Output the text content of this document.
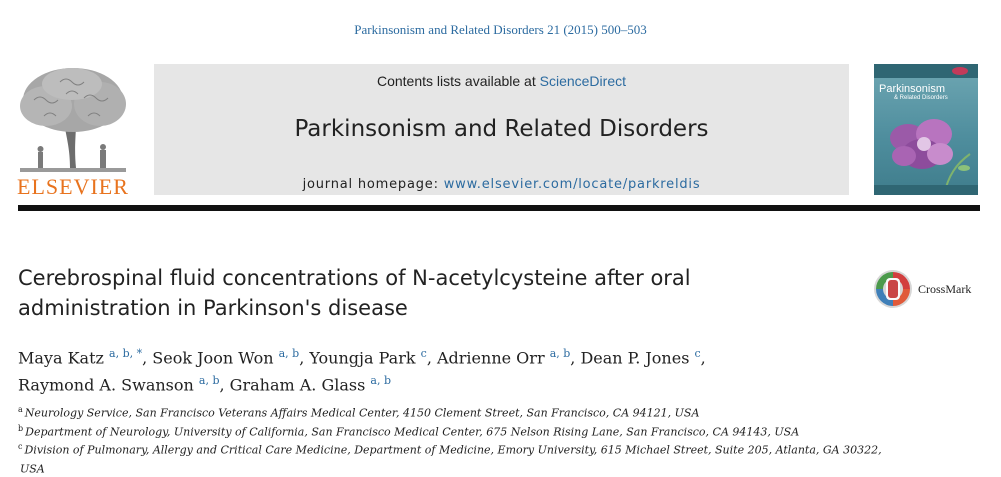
Parkinsonism and Related Disorders 21 (2015) 500–503
ELSEVIER
Contents lists available at ScienceDirect
Parkinsonism and Related Disorders
journal homepage: www.elsevier.com/locate/parkreldis
Parkinsonism
& Related Disorders
Cerebrospinal fluid concentrations of N-acetylcysteine after oral
administration in Parkinson's disease
CrossMark
Maya Katz $^{a, b, *}$, Seok Joon Won $^{a, b}$, Youngja Park $^c$, Adrienne Orr $^{a, b}$, Dean P. Jones $^c$,
Raymond A. Swanson $^{a, b}$, Graham A. Glass $^{a, b}$
$^a$ Neurology Service, San Francisco Veterans Affairs Medical Center, 4150 Clement Street, San Francisco, CA 94121, USA
$^b$ Department of Neurology, University of California, San Francisco Medical Center, 675 Nelson Rising Lane, San Francisco, CA 94143, USA
$^c$ Division of Pulmonary, Allergy and Critical Care Medicine, Department of Medicine, Emory University, 615 Michael Street, Suite 205, Atlanta, GA 30322,
USA
